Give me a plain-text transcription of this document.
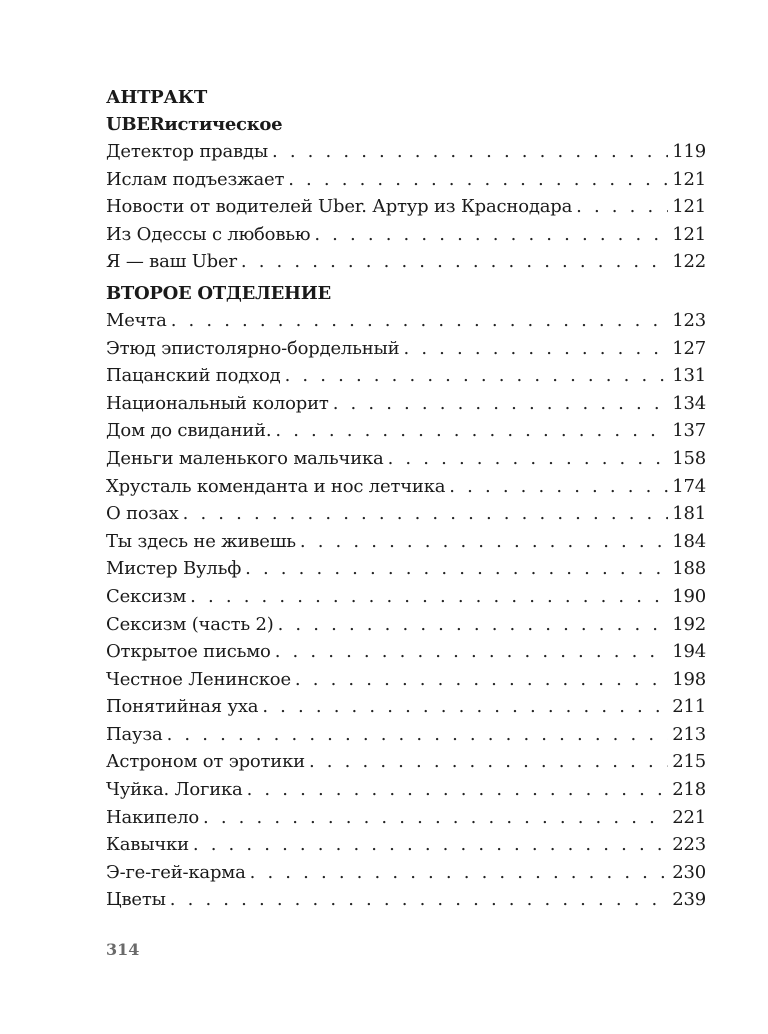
АНТРАКТ
UBERистическое
Детектор правды . . .	119
Ислам подъезжает . . .	121
Новости от водителей Uber. Артур из Краснодара . . .	121
Из Одессы с любовью . . .	121
Я — ваш Uber . . .	122
ВТОРОЕ ОТДЕЛЕНИЕ
Мечта . . .	123
Этюд эпистолярно-бордельный . . .	127
Пацанский подход . . .	131
Национальный колорит . . .	134
Дом до свиданий. . . .	137
Деньги маленького мальчика . . .	158
Хрусталь коменданта и нос летчика . . .	174
О позах . . .	181
Ты здесь не живешь . . .	184
Мистер Вульф . . .	188
Сексизм . . .	190
Сексизм (часть 2) . . .	192
Открытое письмо . . .	194
Честное Ленинское . . .	198
Понятийная уха . . .	211
Пауза . . .	213
Астроном от эротики . . .	215
Чуйка. Логика . . .	218
Накипело . . .	221
Кавычки . . .	223
Э-ге-гей-карма . . .	230
Цветы . . .	239
314
